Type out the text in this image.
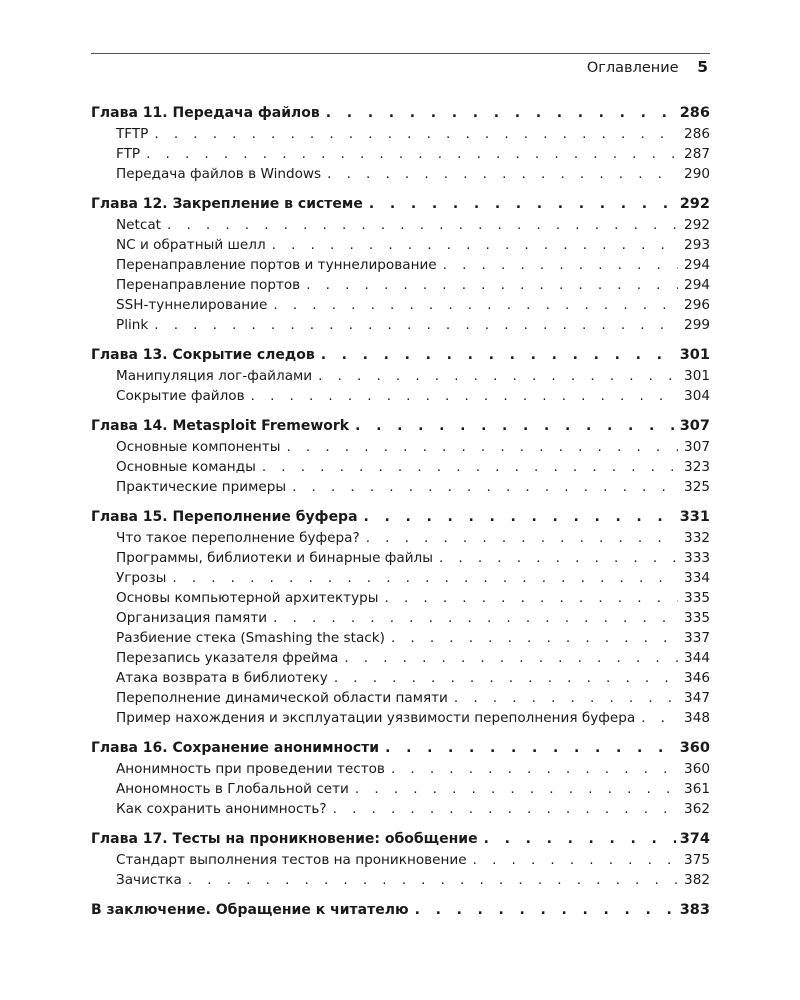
Оглавление 5
Глава 11. Передача файлов . . .	286
TFTP . . .	286
FTP . . .	287
Передача файлов в Windows . . .	290
Глава 12. Закрепление в системе . . .	292
Netcat . . .	292
NC и обратный шелл . . .	293
Перенаправление портов и туннелирование . . .	294
Перенаправление портов . . .	294
SSH-туннелирование . . .	296
Plink . . .	299
Глава 13. Сокрытие следов . . .	301
Манипуляция лог-файлами . . .	301
Сокрытие файлов . . .	304
Глава 14. Metasploit Fremework . . .	307
Основные компоненты . . .	307
Основные команды . . .	323
Практические примеры . . .	325
Глава 15. Переполнение буфера . . .	331
Что такое переполнение буфера? . . .	332
Программы, библиотеки и бинарные файлы . . .	333
Угрозы . . .	334
Основы компьютерной архитектуры . . .	335
Организация памяти . . .	335
Разбиение стека (Smashing the stack) . . .	337
Перезапись указателя фрейма . . .	344
Атака возврата в библиотеку . . .	346
Переполнение динамической области памяти . . .	347
Пример нахождения и эксплуатации уязвимости переполнения буфера . . .	348
Глава 16. Сохранение анонимности . . .	360
Анонимность при проведении тестов . . .	360
Анономность в Глобальной сети . . .	361
Как сохранить анонимность? . . .	362
Глава 17. Тесты на проникновение: обобщение . . .	374
Стандарт выполнения тестов на проникновение . . .	375
Зачистка . . .	382
В заключение. Обращение к читателю . . .	383
